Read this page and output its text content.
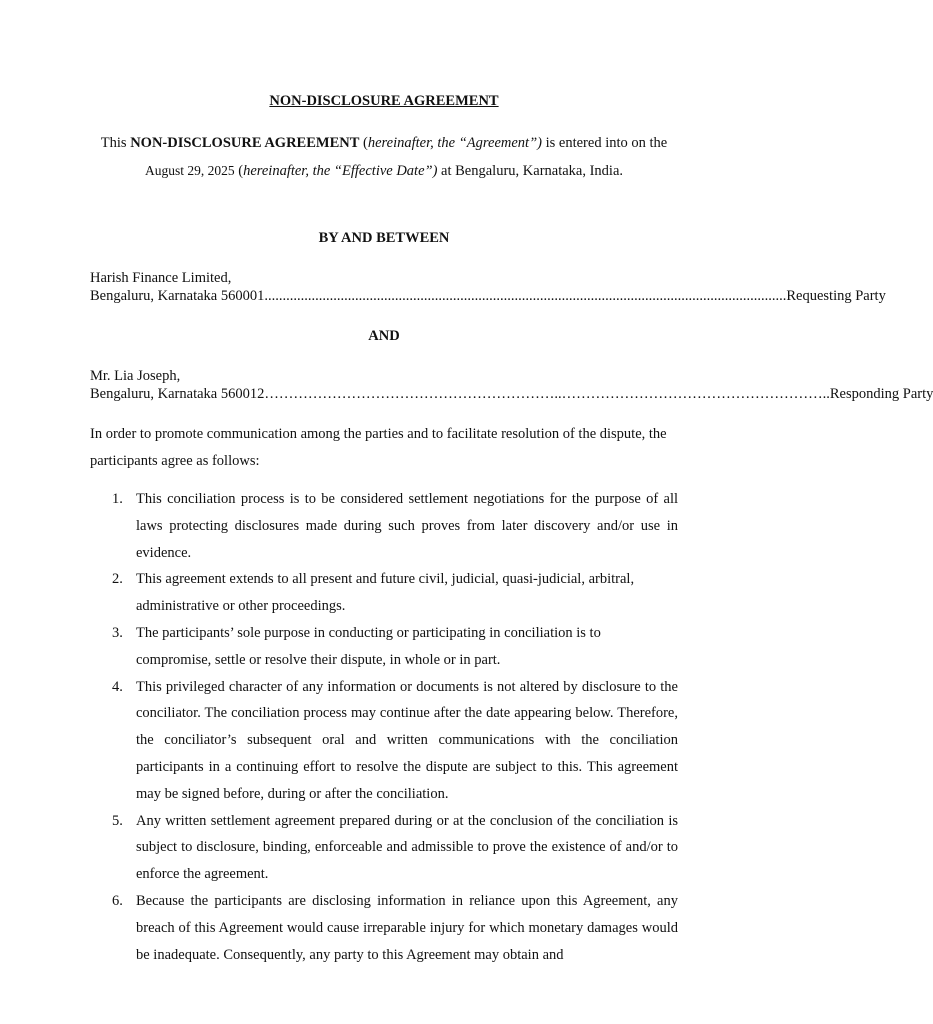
NON-DISCLOSURE AGREEMENT
This NON-DISCLOSURE AGREEMENT (hereinafter, the “Agreement”) is entered into on the August 29, 2025 (hereinafter, the “Effective Date”) at Bengaluru, Karnataka, India.
BY AND BETWEEN
Harish Finance Limited,
Bengaluru, Karnataka 560001 ................................................................................................................................................ Requesting Party
AND
Mr. Lia Joseph,
Bengaluru, Karnataka 560012 ……………………………………………………..……………………………………………… ..Responding Party
In order to promote communication among the parties and to facilitate resolution of the dispute, the participants agree as follows:
1. This conciliation process is to be considered settlement negotiations for the purpose of all laws protecting disclosures made during such proves from later discovery and/or use in evidence.
2. This agreement extends to all present and future civil, judicial, quasi-judicial, arbitral, administrative or other proceedings.
3. The participants’ sole purpose in conducting or participating in conciliation is to compromise, settle or resolve their dispute, in whole or in part.
4. This privileged character of any information or documents is not altered by disclosure to the conciliator. The conciliation process may continue after the date appearing below. Therefore, the conciliator’s subsequent oral and written communications with the conciliation participants in a continuing effort to resolve the dispute are subject to this. This agreement may be signed before, during or after the conciliation.
5. Any written settlement agreement prepared during or at the conclusion of the conciliation is subject to disclosure, binding, enforceable and admissible to prove the existence of and/or to enforce the agreement.
6. Because the participants are disclosing information in reliance upon this Agreement, any breach of this Agreement would cause irreparable injury for which monetary damages would be inadequate. Consequently, any party to this Agreement may obtain and
